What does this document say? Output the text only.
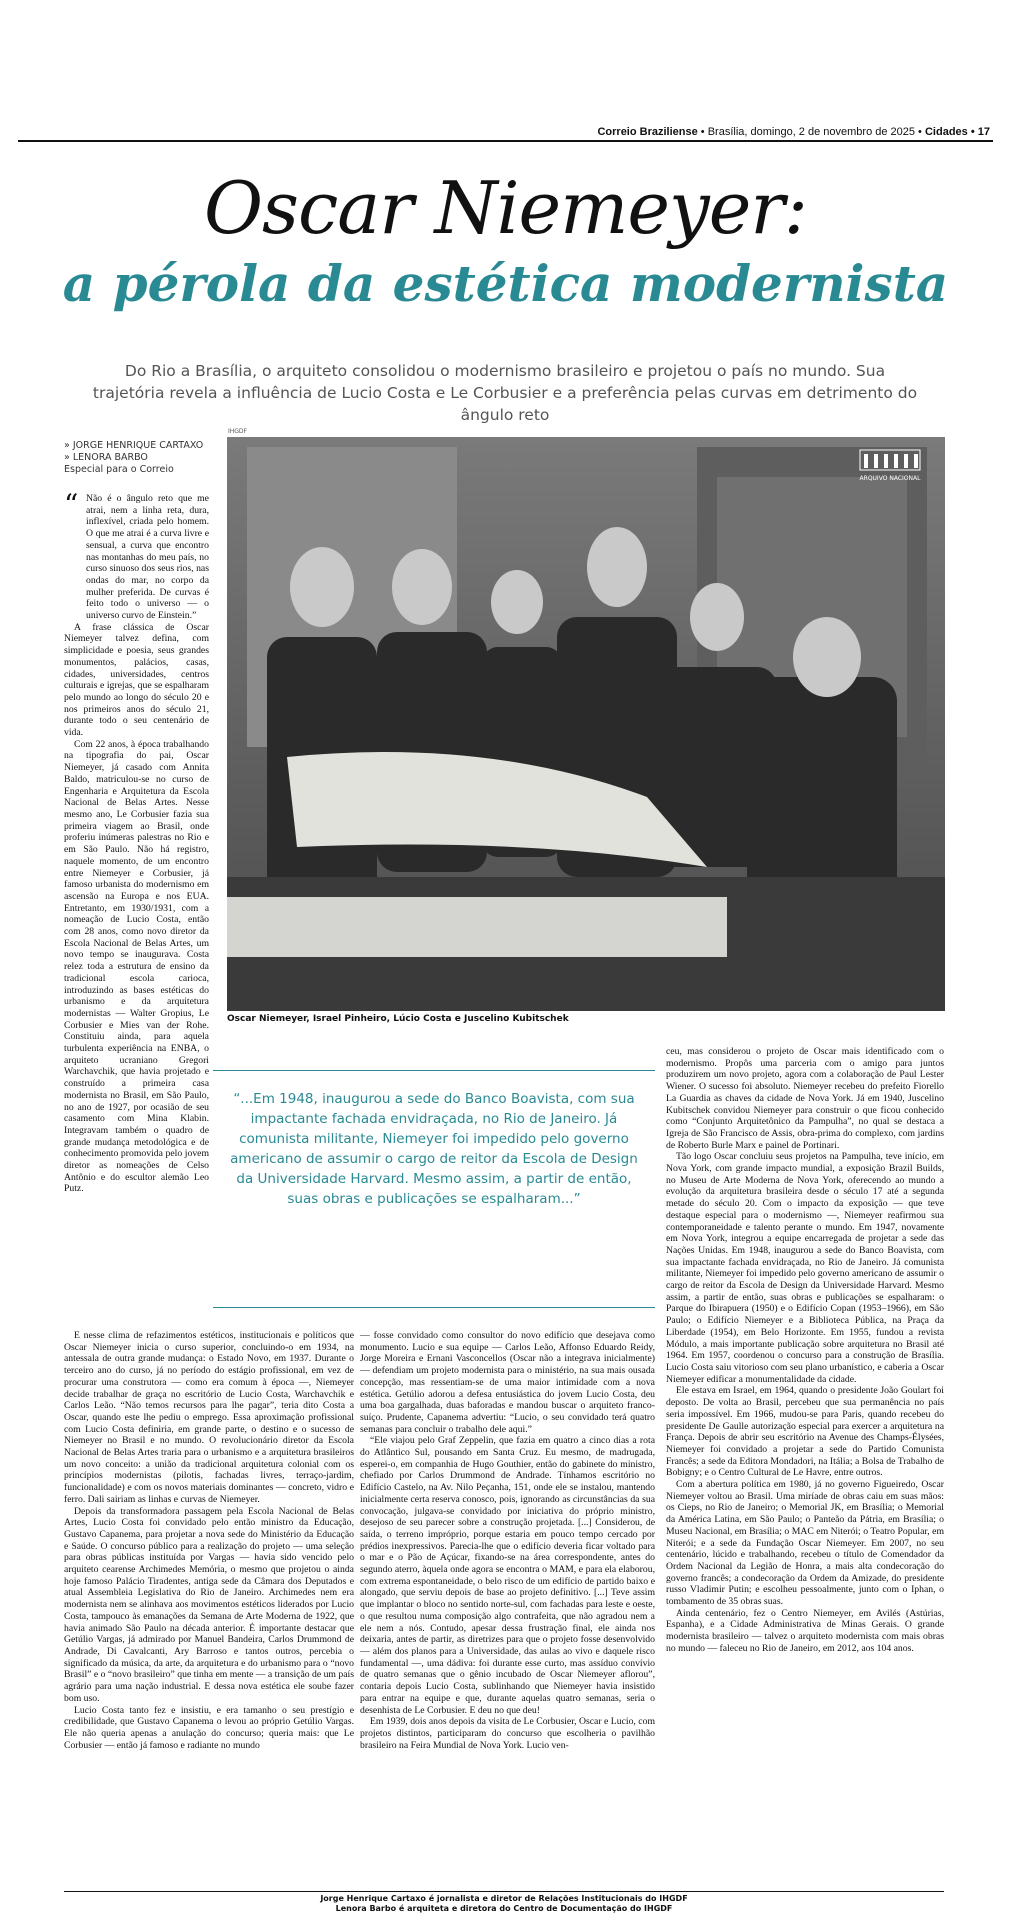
Correio Braziliense • Brasília, domingo, 2 de novembro de 2025 • Cidades • 17
Oscar Niemeyer:
a pérola da estética modernista
Do Rio a Brasília, o arquiteto consolidou o modernismo brasileiro e projetou o país no mundo. Sua trajetória revela a influência de Lucio Costa e Le Corbusier e a preferência pelas curvas em detrimento do ângulo reto
» JORGE HENRIQUE CARTAXO
» LENORA BARBO
Especial para o Correio
IHGDF
ARQUIVO NACIONAL
Oscar Niemeyer, Israel Pinheiro, Lúcio Costa e Juscelino Kubitschek
“ Não é o ângulo reto que me atrai, nem a linha reta, dura, inflexível, criada pelo homem. O que me atrai é a curva livre e sensual, a curva que encontro nas montanhas do meu país, no curso sinuoso dos seus rios, nas ondas do mar, no corpo da mulher preferida. De curvas é feito todo o universo — o universo curvo de Einstein.”

A frase clássica de Oscar Niemeyer talvez defina, com simplicidade e poesia, seus grandes monumentos, palácios, casas, cidades, universidades, centros culturais e igrejas, que se espalharam pelo mundo ao longo do século 20 e nos primeiros anos do século 21, durante todo o seu centenário de vida.

Com 22 anos, à época trabalhando na tipografia do pai, Oscar Niemeyer, já casado com Annita Baldo, matriculou-se no curso de Engenharia e Arquitetura da Escola Nacional de Belas Artes. Nesse mesmo ano, Le Corbusier fazia sua primeira viagem ao Brasil, onde proferiu inúmeras palestras no Rio e em São Paulo. Não há registro, naquele momento, de um encontro entre Niemeyer e Corbusier, já famoso urbanista do modernismo em ascensão na Europa e nos EUA. Entretanto, em 1930/1931, com a nomeação de Lucio Costa, então com 28 anos, como novo diretor da Escola Nacional de Belas Artes, um novo tempo se inaugurava. Costa relez toda a estrutura de ensino da tradicional escola carioca, introduzindo as bases estéticas do urbanismo e da arquitetura modernistas — Walter Gropius, Le Corbusier e Mies van der Rohe. Constituiu ainda, para aquela turbulenta experiência na ENBA, o arquiteto ucraniano Gregori Warchavchik, que havia projetado e construído a primeira casa modernista no Brasil, em São Paulo, no ano de 1927, por ocasião de seu casamento com Mina Klabin. Integravam também o quadro de grande mudança metodológica e de conhecimento promovida pelo jovem diretor as nomeações de Celso Antônio e do escultor alemão Leo Putz.

“...Em 1948, inaugurou a sede do Banco Boavista, com sua impactante fachada envidraçada, no Rio de Janeiro. Já comunista militante, Niemeyer foi impedido pelo governo americano de assumir o cargo de reitor da Escola de Design da Universidade Harvard. Mesmo assim, a partir de então, suas obras e publicações se espalharam...”

E nesse clima de refazimentos estéticos, institucionais e políticos que Oscar Niemeyer inicia o curso superior, concluindo-o em 1934, na antessala de outra grande mudança: o Estado Novo, em 1937. Durante o terceiro ano do curso, já no período do estágio profissional, em vez de procurar uma construtora — como era comum à época —, Niemeyer decide trabalhar de graça no escritório de Lucio Costa, Warchavchik e Carlos Leão. “Não temos recursos para lhe pagar”, teria dito Costa a Oscar, quando este lhe pediu o emprego. Essa aproximação profissional com Lucio Costa definiria, em grande parte, o destino e o sucesso de Niemeyer no Brasil e no mundo. O revolucionário diretor da Escola Nacional de Belas Artes traria para o urbanismo e a arquitetura brasileiros um novo conceito: a união da tradicional arquitetura colonial com os princípios modernistas (pilotis, fachadas livres, terraço-jardim, funcionalidade) e com os novos materiais dominantes — concreto, vidro e ferro. Dali sairiam as linhas e curvas de Niemeyer.

Depois da transformadora passagem pela Escola Nacional de Belas Artes, Lucio Costa foi convidado pelo então ministro da Educação, Gustavo Capanema, para projetar a nova sede do Ministério da Educação e Saúde. O concurso público para a realização do projeto — uma seleção para obras públicas instituída por Vargas — havia sido vencido pelo arquiteto cearense Archimedes Memória, o mesmo que projetou o ainda hoje famoso Palácio Tiradentes, antiga sede da Câmara dos Deputados e atual Assembleia Legislativa do Rio de Janeiro. Archimedes nem era modernista nem se alinhava aos movimentos estéticos liderados por Lucio Costa, tampouco às emanações da Semana de Arte Moderna de 1922, que havia animado São Paulo na década anterior. É importante destacar que Getúlio Vargas, já admirado por Manuel Bandeira, Carlos Drummond de Andrade, Di Cavalcanti, Ary Barroso e tantos outros, percebia o significado da música, da arte, da arquitetura e do urbanismo para o “novo Brasil” e o “novo brasileiro” que tinha em mente — a transição de um país agrário para uma nação industrial. E dessa nova estética ele soube fazer bom uso.

Lucio Costa tanto fez e insistiu, e era tamanho o seu prestígio e credibilidade, que Gustavo Capanema o levou ao próprio Getúlio Vargas. Ele não queria apenas a anulação do concurso; queria mais: que Le Corbusier — então já famoso e radiante no mundo

— fosse convidado como consultor do novo edifício que desejava como monumento. Lucio e sua equipe — Carlos Leão, Affonso Eduardo Reidy, Jorge Moreira e Ernani Vasconcellos (Oscar não a integrava inicialmente) — defendiam um projeto modernista para o ministério, na sua mais ousada concepção, mas ressentiam-se de uma maior intimidade com a nova estética. Getúlio adorou a defesa entusiástica do jovem Lucio Costa, deu uma boa gargalhada, duas baforadas e mandou buscar o arquiteto franco-suíço. Prudente, Capanema advertiu: “Lucio, o seu convidado terá quatro semanas para concluir o trabalho dele aqui.”

“Ele viajou pelo Graf Zeppelin, que fazia em quatro a cinco dias a rota do Atlântico Sul, pousando em Santa Cruz. Eu mesmo, de madrugada, esperei-o, em companhia de Hugo Gouthier, então do gabinete do ministro, chefiado por Carlos Drummond de Andrade. Tínhamos escritório no Edifício Castelo, na Av. Nilo Peçanha, 151, onde ele se instalou, mantendo inicialmente certa reserva conosco, pois, ignorando as circunstâncias da sua convocação, julgava-se convidado por iniciativa do próprio ministro, desejoso de seu parecer sobre a construção projetada. [...] Considerou, de saída, o terreno impróprio, porque estaria em pouco tempo cercado por prédios inexpressivos. Parecia-lhe que o edifício deveria ficar voltado para o mar e o Pão de Açúcar, fixando-se na área correspondente, antes do segundo aterro, àquela onde agora se encontra o MAM, e para ela elaborou, com extrema espontaneidade, o belo risco de um edifício de partido baixo e alongado, que serviu depois de base ao projeto definitivo. [...] Teve assim que implantar o bloco no sentido norte-sul, com fachadas para leste e oeste, o que resultou numa composição algo contrafeita, que não agradou nem a ele nem a nós. Contudo, apesar dessa frustração final, ele ainda nos deixaria, antes de partir, as diretrizes para que o projeto fosse desenvolvido — além dos planos para a Universidade, das aulas ao vivo e daquele risco fundamental —, uma dádiva: foi durante esse curto, mas assíduo convívio de quatro semanas que o gênio incubado de Oscar Niemeyer aflorou”, contaria depois Lucio Costa, sublinhando que Niemeyer havia insistido para entrar na equipe e que, durante aquelas quatro semanas, seria o desenhista de Le Corbusier. E deu no que deu!

Em 1939, dois anos depois da visita de Le Corbusier, Oscar e Lucio, com projetos distintos, participaram do concurso que escolheria o pavilhão brasileiro na Feira Mundial de Nova York. Lucio ven-

ceu, mas considerou o projeto de Oscar mais identificado com o modernismo. Propôs uma parceria com o amigo para juntos produzirem um novo projeto, agora com a colaboração de Paul Lester Wiener. O sucesso foi absoluto. Niemeyer recebeu do prefeito Fiorello La Guardia as chaves da cidade de Nova York. Já em 1940, Juscelino Kubitschek convidou Niemeyer para construir o que ficou conhecido como “Conjunto Arquitetônico da Pampulha”, no qual se destaca a Igreja de São Francisco de Assis, obra-prima do complexo, com jardins de Roberto Burle Marx e painel de Portinari.

Tão logo Oscar concluiu seus projetos na Pampulha, teve início, em Nova York, com grande impacto mundial, a exposição Brazil Builds, no Museu de Arte Moderna de Nova York, oferecendo ao mundo a evolução da arquitetura brasileira desde o século 17 até a segunda metade do século 20. Com o impacto da exposição — que teve destaque especial para o modernismo —, Niemeyer reafirmou sua contemporaneidade e talento perante o mundo. Em 1947, novamente em Nova York, integrou a equipe encarregada de projetar a sede das Nações Unidas. Em 1948, inaugurou a sede do Banco Boavista, com sua impactante fachada envidraçada, no Rio de Janeiro. Já comunista militante, Niemeyer foi impedido pelo governo americano de assumir o cargo de reitor da Escola de Design da Universidade Harvard. Mesmo assim, a partir de então, suas obras e publicações se espalharam: o Parque do Ibirapuera (1950) e o Edifício Copan (1953–1966), em São Paulo; o Edifício Niemeyer e a Biblioteca Pública, na Praça da Liberdade (1954), em Belo Horizonte. Em 1955, fundou a revista Módulo, a mais importante publicação sobre arquitetura no Brasil até 1964. Em 1957, coordenou o concurso para a construção de Brasília. Lucio Costa saiu vitorioso com seu plano urbanístico, e caberia a Oscar Niemeyer edificar a monumentalidade da cidade.

Ele estava em Israel, em 1964, quando o presidente João Goulart foi deposto. De volta ao Brasil, percebeu que sua permanência no país seria impossível. Em 1966, mudou-se para Paris, quando recebeu do presidente De Gaulle autorização especial para exercer a arquitetura na França. Depois de abrir seu escritório na Avenue des Champs-Élysées, Niemeyer foi convidado a projetar a sede do Partido Comunista Francês; a sede da Editora Mondadori, na Itália; a Bolsa de Trabalho de Bobigny; e o Centro Cultural de Le Havre, entre outros.

Com a abertura política em 1980, já no governo Figueiredo, Oscar Niemeyer voltou ao Brasil. Uma miríade de obras caiu em suas mãos: os Cieps, no Rio de Janeiro; o Memorial JK, em Brasília; o Memorial da América Latina, em São Paulo; o Panteão da Pátria, em Brasília; o Museu Nacional, em Brasília; o MAC em Niterói; o Teatro Popular, em Niterói; e a sede da Fundação Oscar Niemeyer. Em 2007, no seu centenário, lúcido e trabalhando, recebeu o título de Comendador da Ordem Nacional da Legião de Honra, a mais alta condecoração do governo francês; a condecoração da Ordem da Amizade, do presidente russo Vladimir Putin; e escolheu pessoalmente, junto com o Iphan, o tombamento de 35 obras suas.

Ainda centenário, fez o Centro Niemeyer, em Avilés (Astúrias, Espanha), e a Cidade Administrativa de Minas Gerais. O grande modernista brasileiro — talvez o arquiteto modernista com mais obras no mundo — faleceu no Rio de Janeiro, em 2012, aos 104 anos.

Jorge Henrique Cartaxo é jornalista e diretor de Relações Institucionais do IHGDF
Lenora Barbo é arquiteta e diretora do Centro de Documentação do IHGDF
